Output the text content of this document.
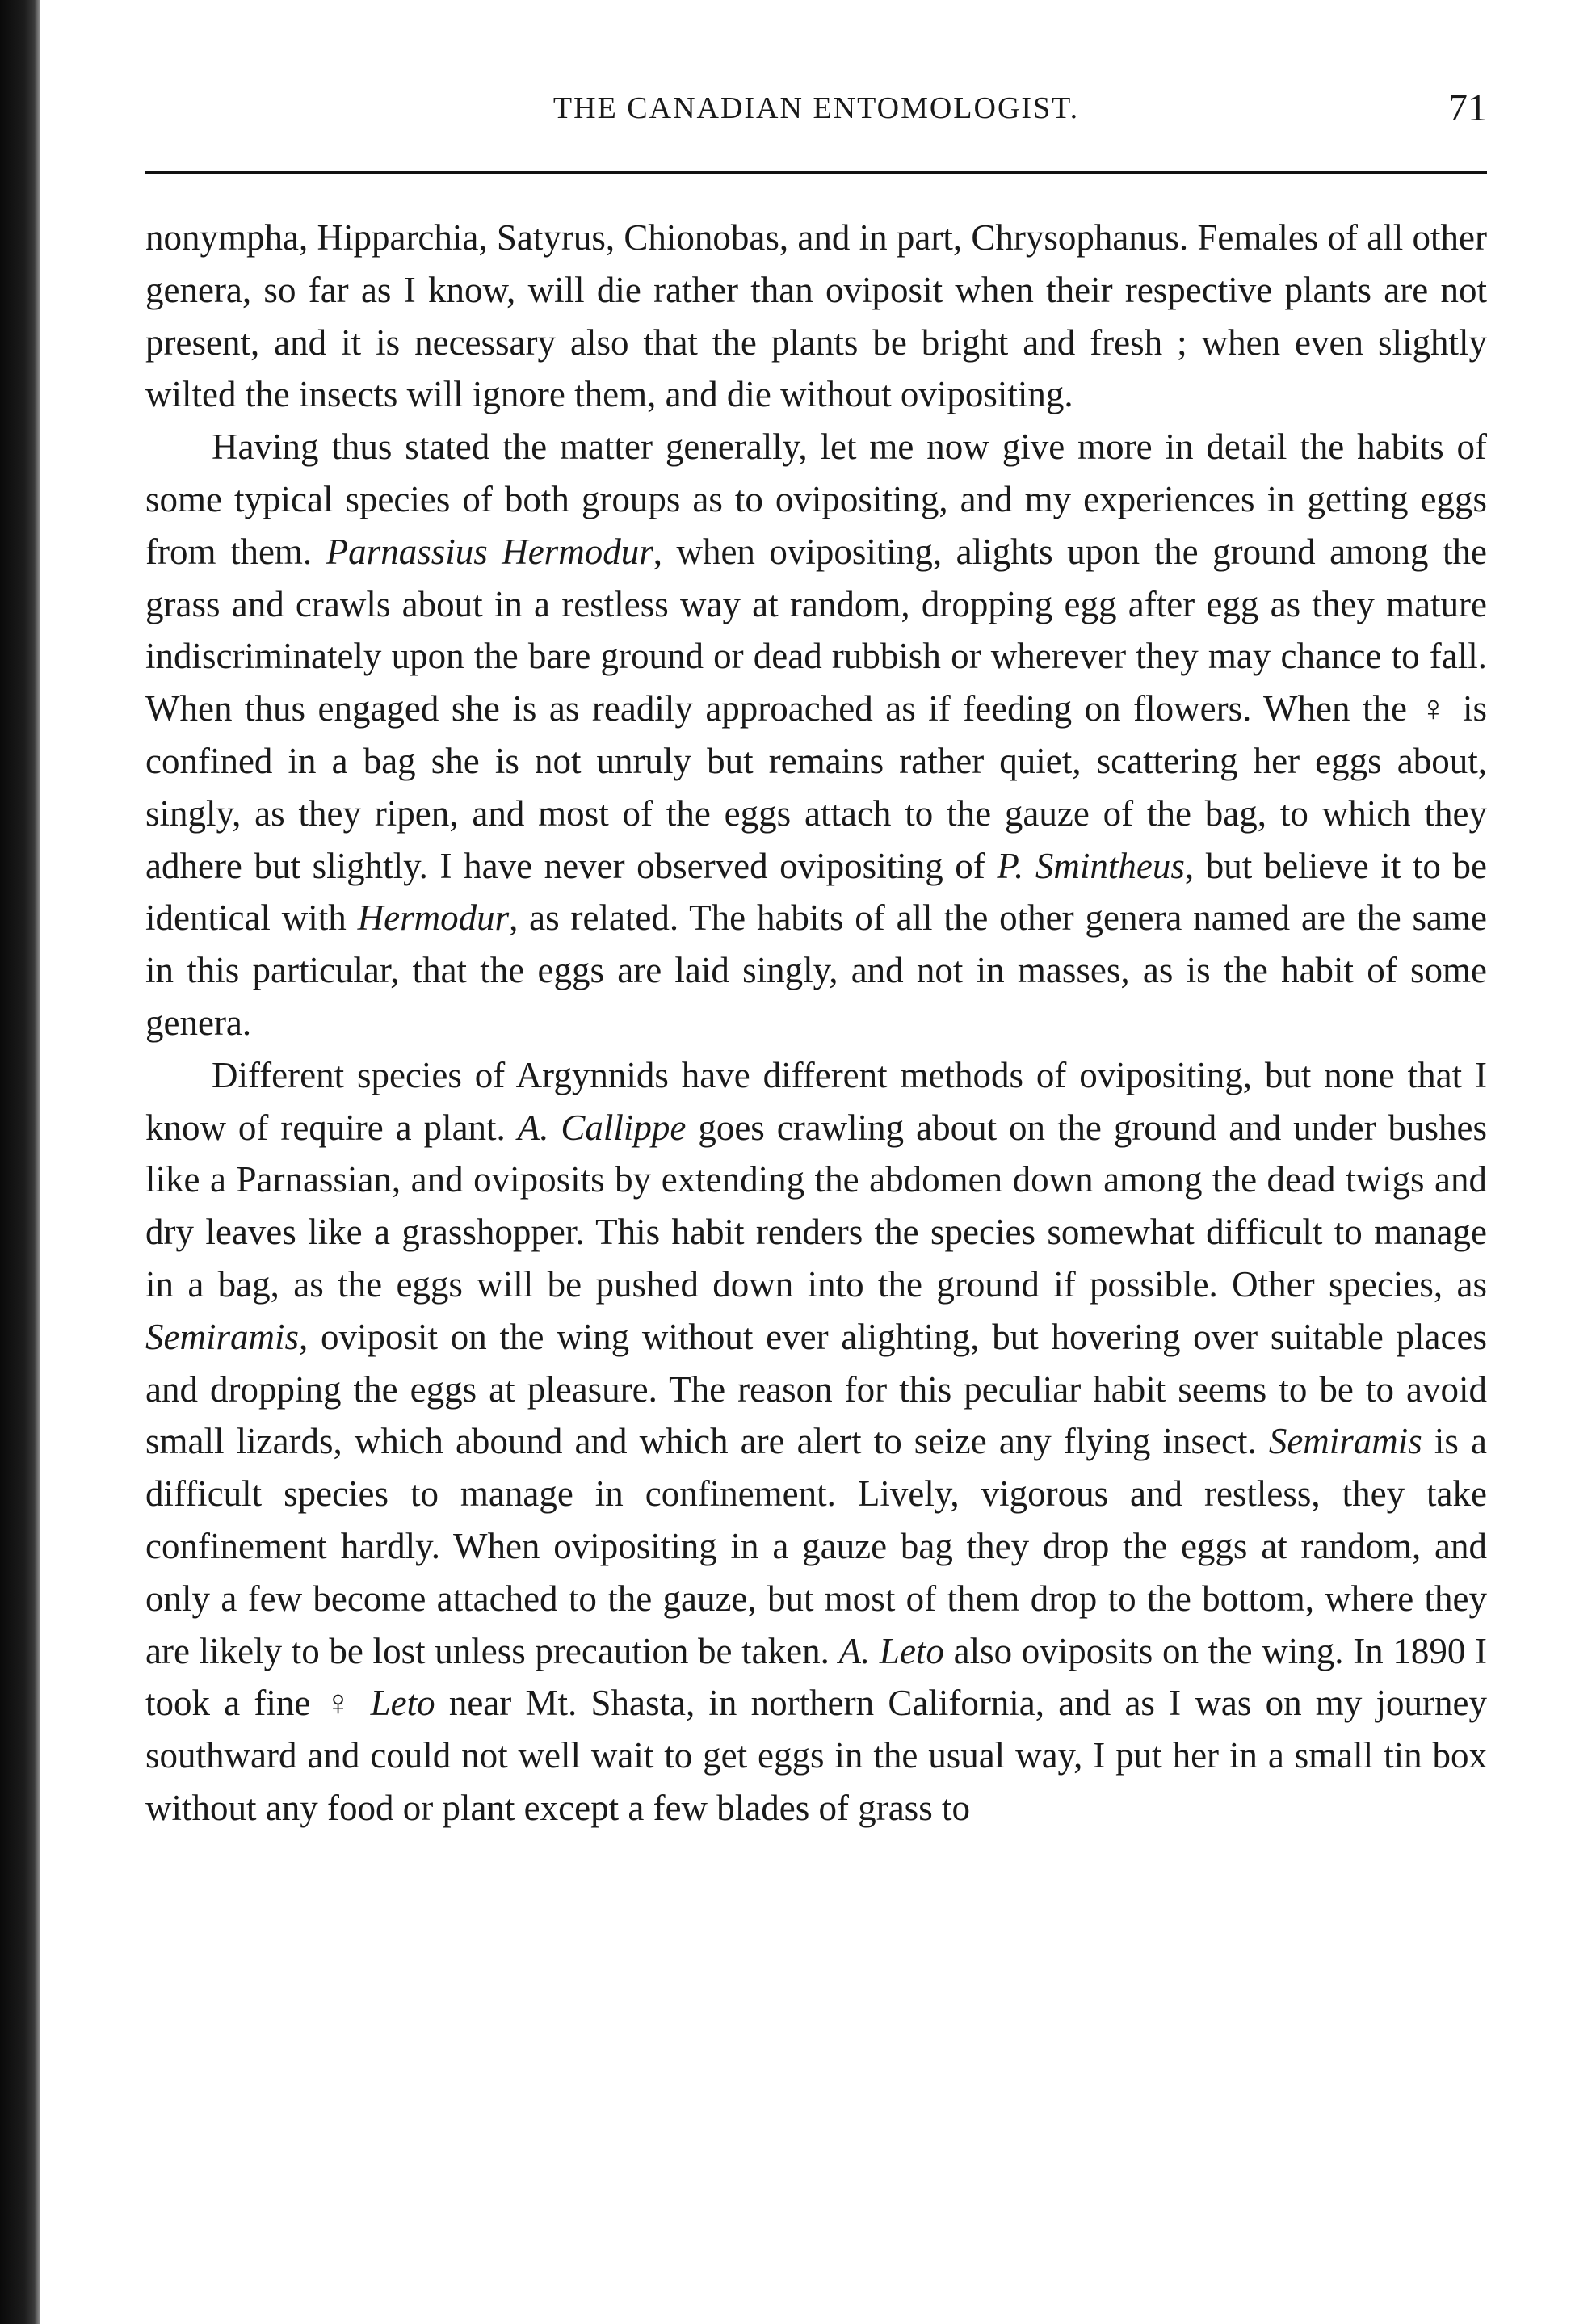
THE CANADIAN ENTOMOLOGIST.	71

nonympha, Hipparchia, Satyrus, Chionobas, and in part, Chrysophanus. Females of all other genera, so far as I know, will die rather than oviposit when their respective plants are not present, and it is necessary also that the plants be bright and fresh ; when even slightly wilted the insects will ignore them, and die without ovipositing.

Having thus stated the matter generally, let me now give more in detail the habits of some typical species of both groups as to ovipositing, and my experiences in getting eggs from them. Parnassius Hermodur, when ovipositing, alights upon the ground among the grass and crawls about in a restless way at random, dropping egg after egg as they mature indiscriminately upon the bare ground or dead rubbish or wherever they may chance to fall. When thus engaged she is as readily approached as if feeding on flowers. When the ♀ is confined in a bag she is not unruly but remains rather quiet, scattering her eggs about, singly, as they ripen, and most of the eggs attach to the gauze of the bag, to which they adhere but slightly. I have never observed ovipositing of P. Smintheus, but believe it to be identical with Hermodur, as related. The habits of all the other genera named are the same in this particular, that the eggs are laid singly, and not in masses, as is the habit of some genera.

Different species of Argynnids have different methods of ovipositing, but none that I know of require a plant. A. Callippe goes crawling about on the ground and under bushes like a Parnassian, and oviposits by extending the abdomen down among the dead twigs and dry leaves like a grasshopper. This habit renders the species somewhat difficult to manage in a bag, as the eggs will be pushed down into the ground if possible. Other species, as Semiramis, oviposit on the wing without ever alighting, but hovering over suitable places and dropping the eggs at pleasure. The reason for this peculiar habit seems to be to avoid small lizards, which abound and which are alert to seize any flying insect. Semiramis is a difficult species to manage in confinement. Lively, vigorous and restless, they take confinement hardly. When ovipositing in a gauze bag they drop the eggs at random, and only a few become attached to the gauze, but most of them drop to the bottom, where they are likely to be lost unless precaution be taken. A. Leto also oviposits on the wing. In 1890 I took a fine ♀ Leto near Mt. Shasta, in northern California, and as I was on my journey southward and could not well wait to get eggs in the usual way, I put her in a small tin box without any food or plant except a few blades of grass to
